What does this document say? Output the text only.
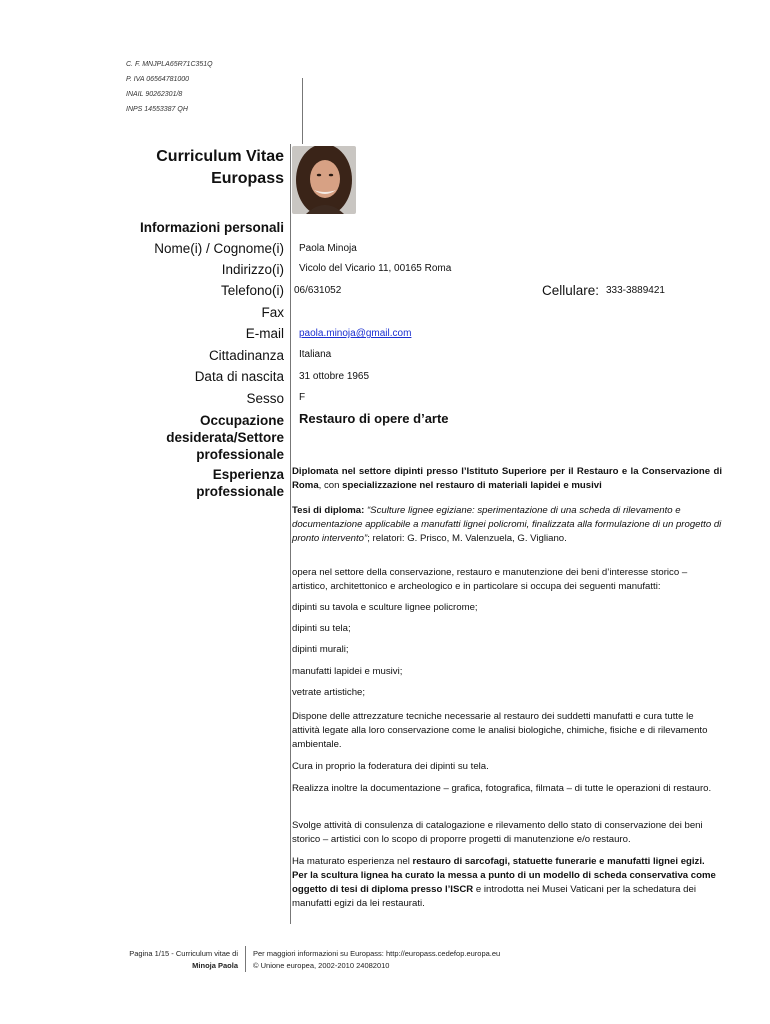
C. F. MNJPLA65R71C351Q
P. IVA 06564781000
INAIL 90262301/8
INPS 14553387 QH
Curriculum Vitae
Europass
Informazioni personali
Nome(i) / Cognome(i) Paola Minoja
Indirizzo(i) Vicolo del Vicario 11, 00165 Roma
Telefono(i) 06/631052	Cellulare: 333-3889421
Fax
E-mail paola.minoja@gmail.com
Cittadinanza Italiana
Data di nascita 31 ottobre 1965
Sesso F
Occupazione
desiderata/Settore
professionale
Restauro di opere d’arte
Esperienza
professionale

Diplomata nel settore dipinti presso l’Istituto Superiore per il Restauro e la Conservazione di Roma, con specializzazione nel restauro di materiali lapidei e musivi

Tesi di diploma: “Sculture lignee egiziane: sperimentazione di una scheda di rilevamento e documentazione applicabile a manufatti lignei policromi, finalizzata alla formulazione di un progetto di pronto intervento”; relatori: G. Prisco, M. Valenzuela, G. Vigliano.

opera nel settore della conservazione, restauro e manutenzione dei beni d’interesse storico – artistico, architettonico e archeologico e in particolare si occupa dei seguenti manufatti:

dipinti su tavola e sculture lignee policrome;
dipinti su tela;
dipinti murali;
manufatti lapidei e musivi;
vetrate artistiche;
Dispone delle attrezzature tecniche necessarie al restauro dei suddetti manufatti e cura tutte le attività legate alla loro conservazione come le analisi biologiche, chimiche, fisiche e di rilevamento ambientale.
Cura in proprio la foderatura dei dipinti su tela.
Realizza inoltre la documentazione – grafica, fotografica, filmata – di tutte le operazioni di restauro.
Svolge attività di consulenza di catalogazione e rilevamento dello stato di conservazione dei beni storico – artistici con lo scopo di proporre progetti di manutenzione e/o restauro.

Ha maturato esperienza nel restauro di sarcofagi, statuette funerarie e manufatti lignei egizi. Per la scultura lignea ha curato la messa a punto di un modello di scheda conservativa come oggetto di tesi di diploma presso l’ISCR e introdotta nei Musei Vaticani per la schedatura dei manufatti egizi da lei restaurati.

Pagina 1/15 - Curriculum vitae di
Minoja Paola
Per maggiori informazioni su Europass: http://europass.cedefop.europa.eu
© Unione europea, 2002-2010 24082010
